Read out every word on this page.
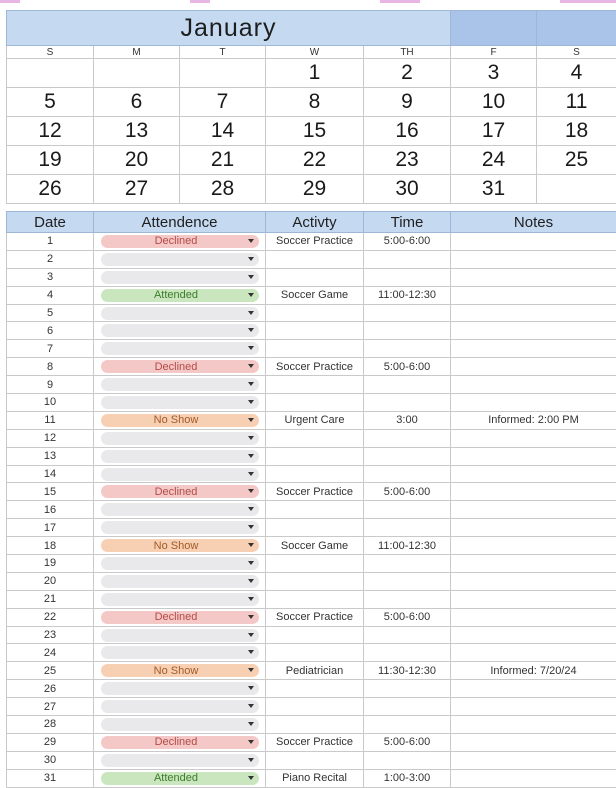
January						
S	M	T	W	TH	F	S
			1	2	3	4
5	6	7	8	9	10	11
12	13	14	15	16	17	18
19	20	21	22	23	24	25
26	27	28	29	30	31	
Date	Attendence	Activty	Time	Notes
1	Declined	Soccer Practice	5:00-6:00	
2	

3	

4	Attended	Soccer Game	11:00-12:30	
5	

6	

7	

8	Declined	Soccer Practice	5:00-6:00	
9	

10	

11	No Show	Urgent Care	3:00	Informed: 2:00 PM
12	

13	

14	

15	Declined	Soccer Practice	5:00-6:00	
16	

17	

18	No Show	Soccer Game	11:00-12:30	
19	

20	

21	

22	Declined	Soccer Practice	5:00-6:00	
23	

24	

25	No Show	Pediatrician	11:30-12:30	Informed: 7/20/24
26	

27	

28	

29	Declined	Soccer Practice	5:00-6:00	
30	

31	Attended	Piano Recital	1:00-3:00	
